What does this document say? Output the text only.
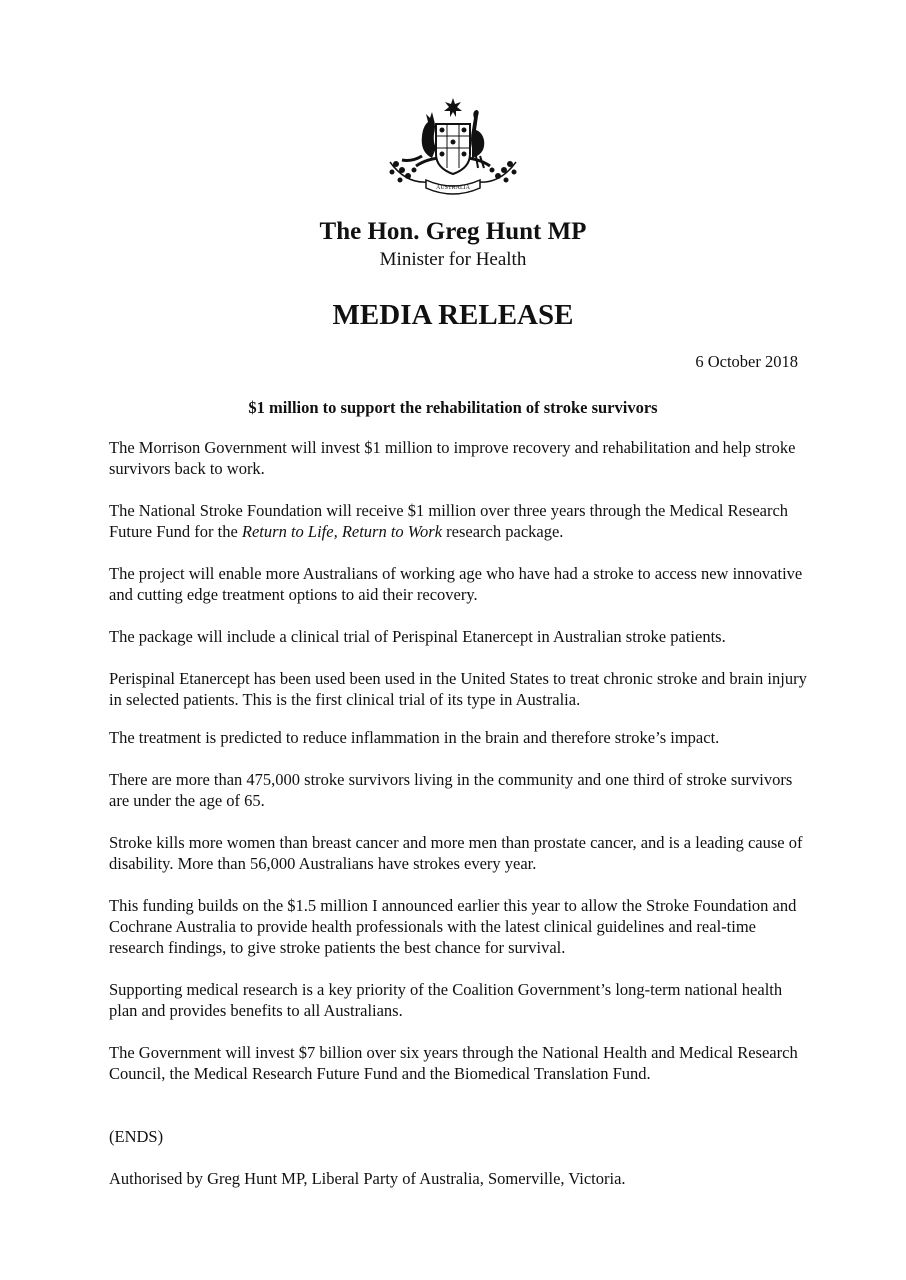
AUSTRALIA
The Hon. Greg Hunt MP
Minister for Health
MEDIA RELEASE
6 October 2018
$1 million to support the rehabilitation of stroke survivors

The Morrison Government will invest $1 million to improve recovery and rehabilitation and help stroke survivors back to work.

The National Stroke Foundation will receive $1 million over three years through the Medical Research Future Fund for the Return to Life, Return to Work research package.

The project will enable more Australians of working age who have had a stroke to access new innovative and cutting edge treatment options to aid their recovery.

The package will include a clinical trial of Perispinal Etanercept in Australian stroke patients.

Perispinal Etanercept has been used been used in the United States to treat chronic stroke and brain injury in selected patients. This is the first clinical trial of its type in Australia.

The treatment is predicted to reduce inflammation in the brain and therefore stroke’s impact.

There are more than 475,000 stroke survivors living in the community and one third of stroke survivors are under the age of 65.

Stroke kills more women than breast cancer and more men than prostate cancer, and is a leading cause of disability. More than 56,000 Australians have strokes every year.

This funding builds on the $1.5 million I announced earlier this year to allow the Stroke Foundation and Cochrane Australia to provide health professionals with the latest clinical guidelines and real-time research findings, to give stroke patients the best chance for survival.

Supporting medical research is a key priority of the Coalition Government’s long-term national health plan and provides benefits to all Australians.

The Government will invest $7 billion over six years through the National Health and Medical Research Council, the Medical Research Future Fund and the Biomedical Translation Fund.

(ENDS)

Authorised by Greg Hunt MP, Liberal Party of Australia, Somerville, Victoria.
